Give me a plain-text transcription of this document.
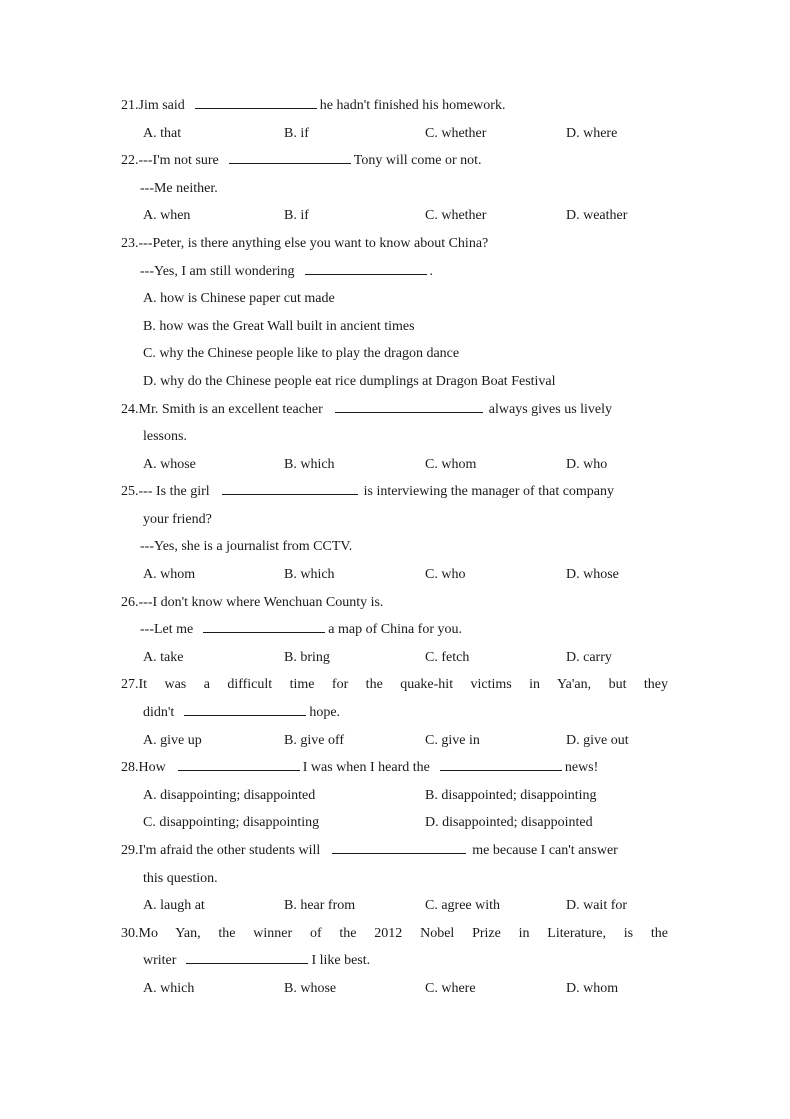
21.Jim said	he hadn't finished his homework.
A. that	B. if	C. whether	D. where
22.---I'm not sure	Tony will come or not.
---Me neither.
A. when	B. if	C. whether	D. weather
23.---Peter, is there anything else you want to know about China?
---Yes, I am still wondering	.
A. how is Chinese paper cut made
B. how was the Great Wall built in ancient times
C. why the Chinese people like to play the dragon dance
D. why do the Chinese people eat rice dumplings at Dragon Boat Festival
24.Mr. Smith is an excellent teacher	always gives us lively
lessons.
A. whose	B. which	C. whom	D. who
25.--- Is the girl	is interviewing the manager of that company
your friend?
---Yes, she is a journalist from CCTV.
A. whom	B. which	C. who	D. whose
26.---I don't know where Wenchuan County is.
---Let me	a map of China for you.
A. take	B. bring	C. fetch	D. carry
27.It was a difficult time for the quake-hit victims in Ya'an, but they
didn't	hope.
A. give up	B. give off	C. give in	D. give out
28.How	I was when I heard the	news!
A. disappointing; disappointed	B. disappointed; disappointing
C. disappointing; disappointing	D. disappointed; disappointed
29.I'm afraid the other students will	me because I can't answer
this question.
A. laugh at	B. hear from	C. agree with	D. wait for
30.Mo Yan, the winner of the 2012 Nobel Prize in Literature, is the
writer	I like best.
A. which	B. whose	C. where	D. whom
